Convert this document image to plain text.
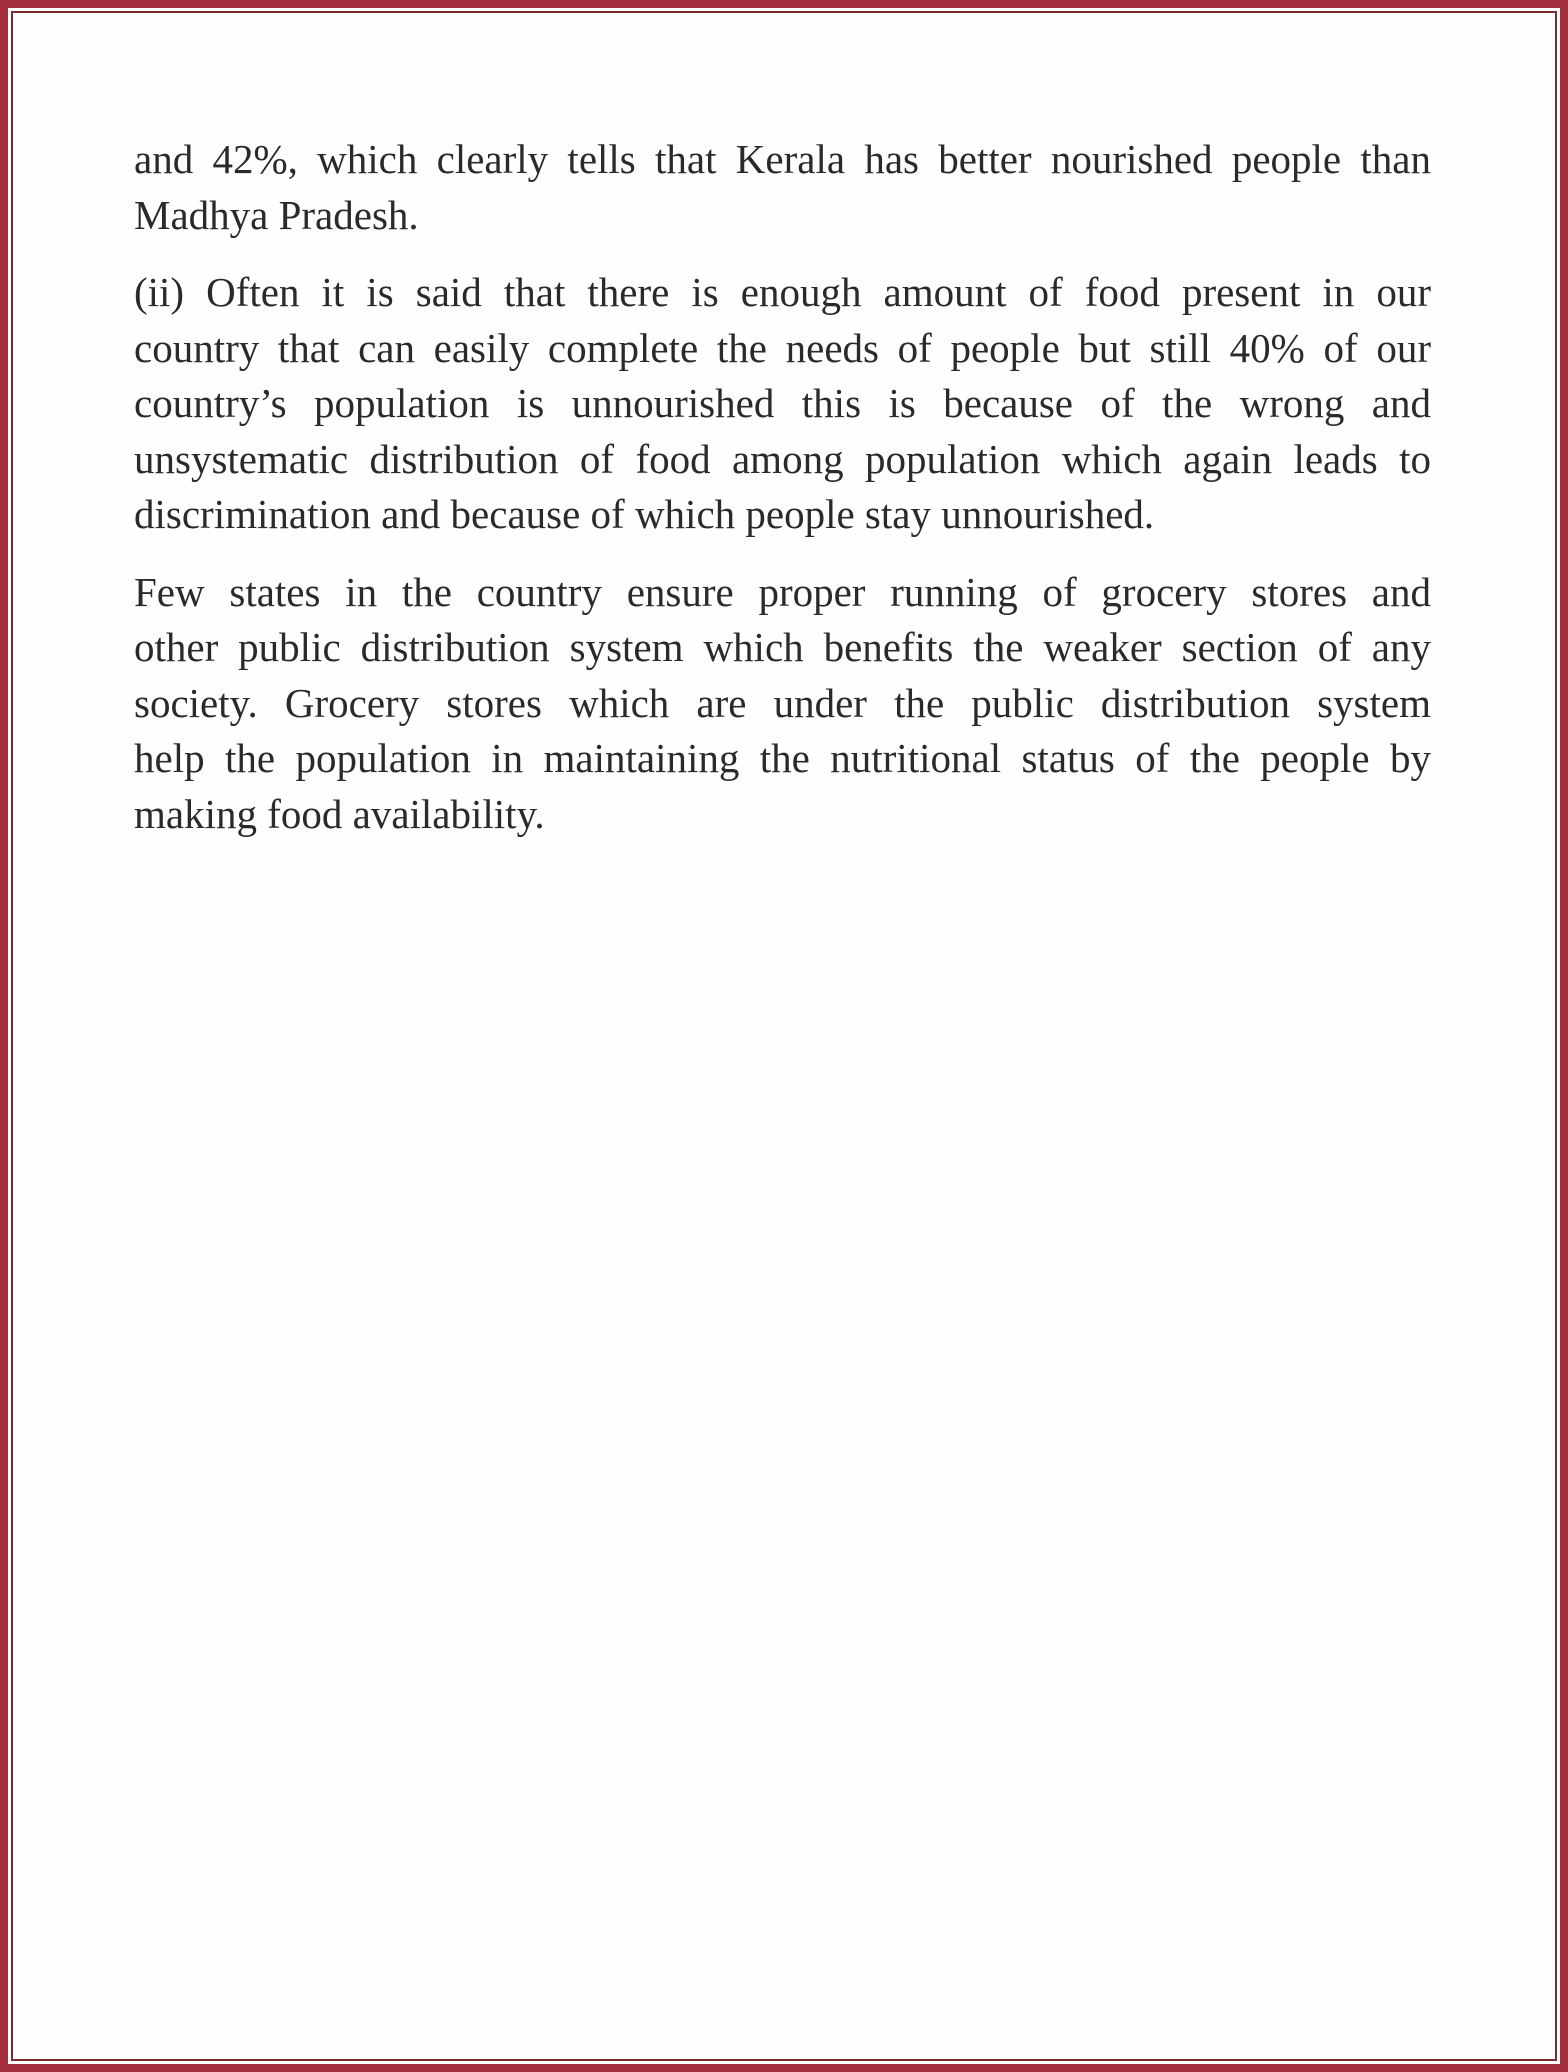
and 42%, which clearly tells that Kerala has better nourished people than
Madhya Pradesh.
(ii) Often it is said that there is enough amount of food present in our
country that can easily complete the needs of people but still 40% of our
country’s population is unnourished this is because of the wrong and
unsystematic distribution of food among population which again leads to
discrimination and because of which people stay unnourished.
Few states in the country ensure proper running of grocery stores and
other public distribution system which benefits the weaker section of any
society. Grocery stores which are under the public distribution system
help the population in maintaining the nutritional status of the people by
making food availability.
